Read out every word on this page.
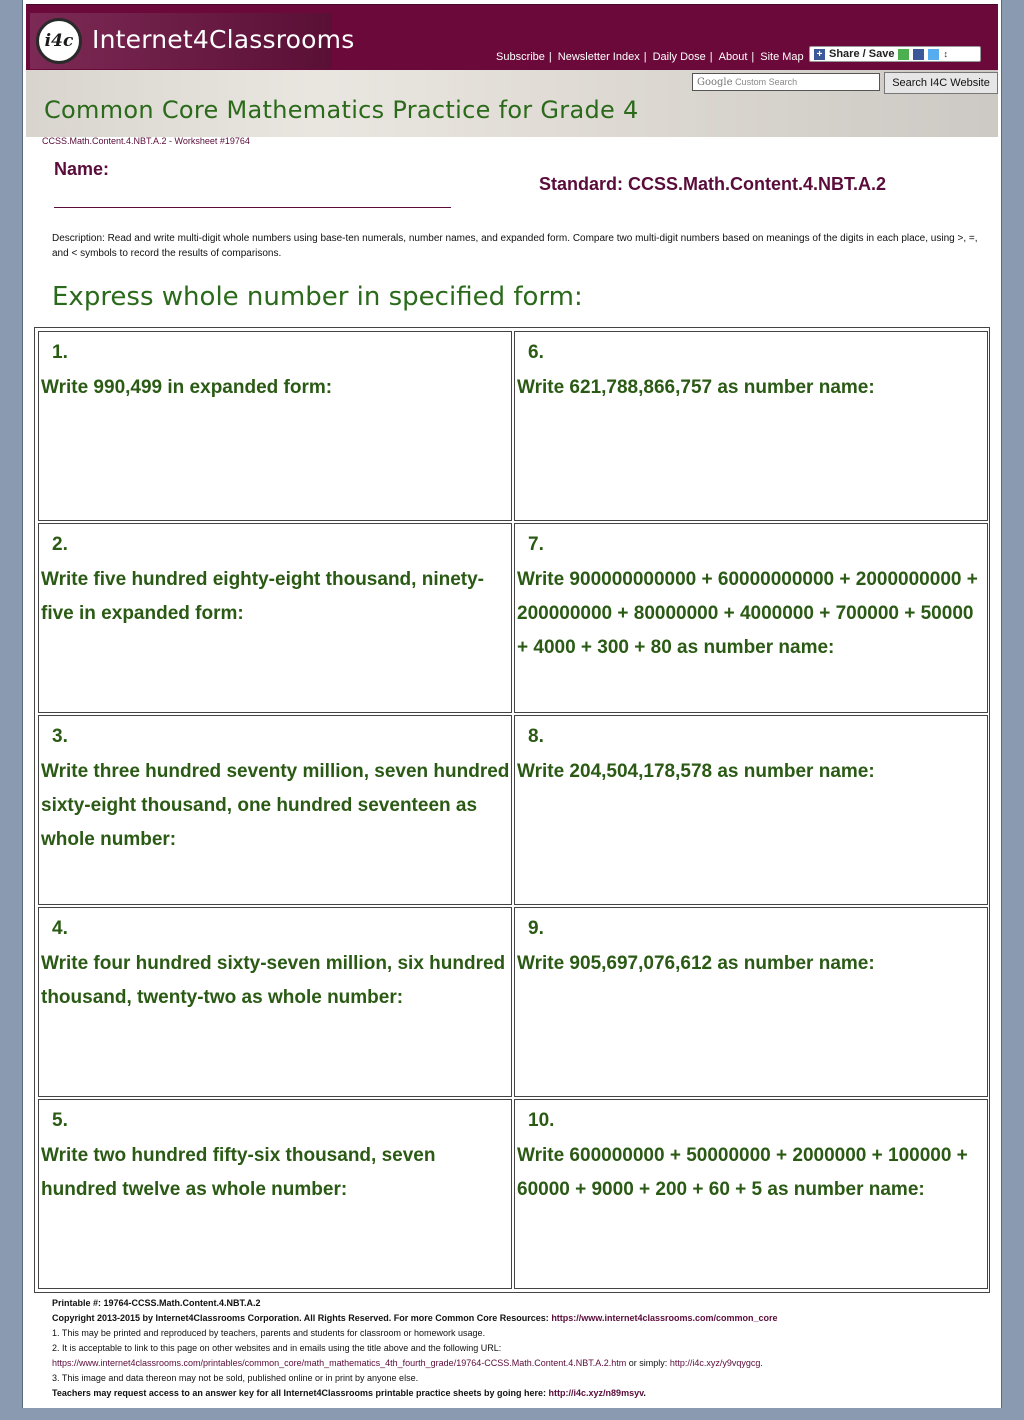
i4c Internet4Classrooms
Subscribe | Newsletter Index | Daily Dose | About | Site Map + Share / Save	↕
Google Custom Search	Search I4C Website
Common Core Mathematics Practice for Grade 4
CCSS.Math.Content.4.NBT.A.2 - Worksheet #19764
Name:
Standard: CCSS.Math.Content.4.NBT.A.2
Description: Read and write multi-digit whole numbers using base-ten numerals, number names, and expanded form. Compare two multi-digit numbers based on meanings of the digits in each place, using >, =, and < symbols to record the results of comparisons.
Express whole number in specified form:
1.
Write 990,499 in expanded form:
6.
Write 621,788,866,757 as number name:
2.
Write five hundred eighty-eight thousand, ninety-five in expanded form:
7.
Write 900000000000 + 60000000000 + 2000000000 + 200000000 + 80000000 + 4000000 + 700000 + 50000 + 4000 + 300 + 80 as number name:
3.
Write three hundred seventy million, seven hundred sixty-eight thousand, one hundred seventeen as whole number:
8.
Write 204,504,178,578 as number name:
4.
Write four hundred sixty-seven million, six hundred thousand, twenty-two as whole number:
9.
Write 905,697,076,612 as number name:
5.
Write two hundred fifty-six thousand, seven hundred twelve as whole number:
10.
Write 600000000 + 50000000 + 2000000 + 100000 + 60000 + 9000 + 200 + 60 + 5 as number name:
Printable #: 19764-CCSS.Math.Content.4.NBT.A.2
Copyright 2013-2015 by Internet4Classrooms Corporation. All Rights Reserved. For more Common Core Resources: https://www.internet4classrooms.com/common_core
1. This may be printed and reproduced by teachers, parents and students for classroom or homework usage.
2. It is acceptable to link to this page on other websites and in emails using the title above and the following URL:
https://www.internet4classrooms.com/printables/common_core/math_mathematics_4th_fourth_grade/19764-CCSS.Math.Content.4.NBT.A.2.htm or simply: http://i4c.xyz/y9vqygcg.
3. This image and data thereon may not be sold, published online or in print by anyone else.
Teachers may request access to an answer key for all Internet4Classrooms printable practice sheets by going here: http://i4c.xyz/n89msyv.
